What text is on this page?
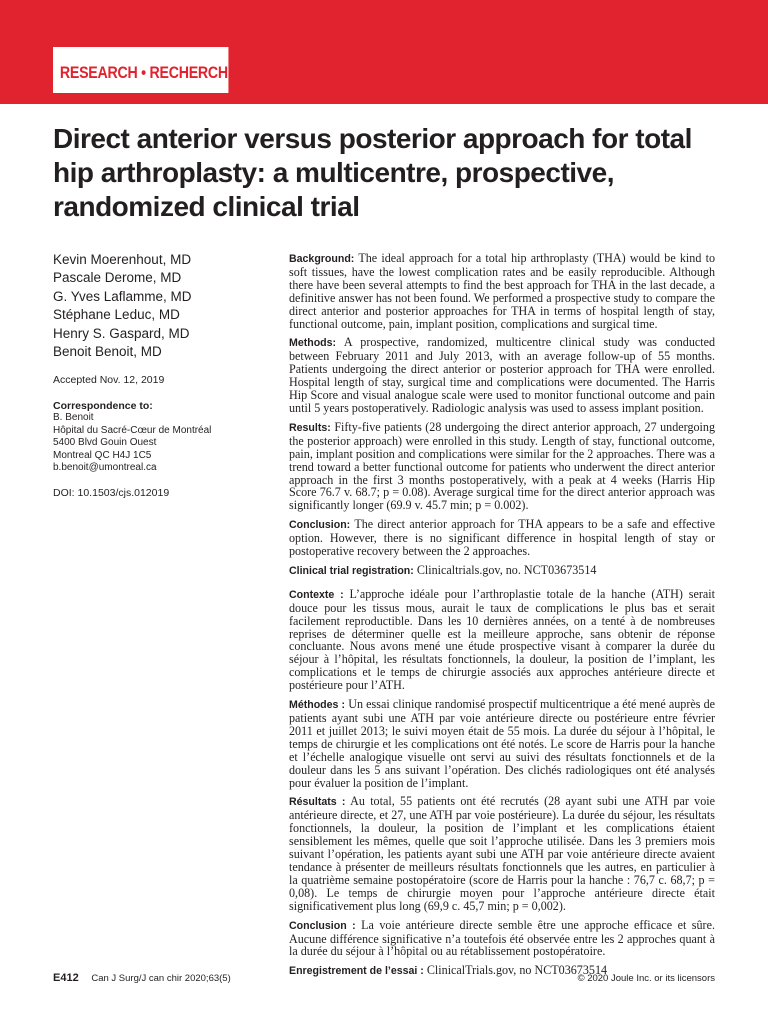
RESEARCH • RECHERCHE
Direct anterior versus posterior approach for total hip arthroplasty: a multicentre, prospective, randomized clinical trial
Kevin Moerenhout, MD
Pascale Derome, MD
G. Yves Laflamme, MD
Stéphane Leduc, MD
Henry S. Gaspard, MD
Benoit Benoit, MD
Accepted Nov. 12, 2019
Correspondence to:
B. Benoit
Hôpital du Sacré-Cœur de Montréal
5400 Blvd Gouin Ouest
Montreal QC H4J 1C5
b.benoit@umontreal.ca
DOI: 10.1503/cjs.012019

Background: The ideal approach for a total hip arthroplasty (THA) would be kind to soft tissues, have the lowest complication rates and be easily reproducible. Although there have been several attempts to find the best approach for THA in the last decade, a definitive answer has not been found. We performed a prospective study to compare the direct anterior and posterior approaches for THA in terms of hospital length of stay, functional outcome, pain, implant position, complications and surgical time.

Methods: A prospective, randomized, multicentre clinical study was conducted between February 2011 and July 2013, with an average follow-up of 55 months. Patients undergoing the direct anterior or posterior approach for THA were enrolled. Hospital length of stay, surgical time and complications were documented. The Harris Hip Score and visual analogue scale were used to monitor functional outcome and pain until 5 years postoperatively. Radiologic analysis was used to assess implant position.

Results: Fifty-five patients (28 undergoing the direct anterior approach, 27 undergoing the posterior approach) were enrolled in this study. Length of stay, functional outcome, pain, implant position and complications were similar for the 2 approaches. There was a trend toward a better functional outcome for patients who underwent the direct anterior approach in the first 3 months postoperatively, with a peak at 4 weeks (Harris Hip Score 76.7 v. 68.7; p = 0.08). Average surgical time for the direct anterior approach was significantly longer (69.9 v. 45.7 min; p = 0.002).

Conclusion: The direct anterior approach for THA appears to be a safe and effective option. However, there is no significant difference in hospital length of stay or postoperative recovery between the 2 approaches.

Clinical trial registration: Clinicaltrials.gov, no. NCT03673514

Contexte : L’approche idéale pour l’arthroplastie totale de la hanche (ATH) serait douce pour les tissus mous, aurait le taux de complications le plus bas et serait facilement reproductible. Dans les 10 dernières années, on a tenté à de nombreuses reprises de déterminer quelle est la meilleure approche, sans obtenir de réponse concluante. Nous avons mené une étude prospective visant à comparer la durée du séjour à l’hôpital, les résultats fonctionnels, la douleur, la position de l’implant, les complications et le temps de chirurgie associés aux approches antérieure directe et postérieure pour l’ATH.

Méthodes : Un essai clinique randomisé prospectif multicentrique a été mené auprès de patients ayant subi une ATH par voie antérieure directe ou postérieure entre février 2011 et juillet 2013; le suivi moyen était de 55 mois. La durée du séjour à l’hôpital, le temps de chirurgie et les complications ont été notés. Le score de Harris pour la hanche et l’échelle analogique visuelle ont servi au suivi des résultats fonctionnels et de la douleur dans les 5 ans suivant l’opération. Des clichés radiologiques ont été analysés pour évaluer la position de l’implant.

Résultats : Au total, 55 patients ont été recrutés (28 ayant subi une ATH par voie antérieure directe, et 27, une ATH par voie postérieure). La durée du séjour, les résultats fonctionnels, la douleur, la position de l’implant et les complications étaient sensiblement les mêmes, quelle que soit l’approche utilisée. Dans les 3 premiers mois suivant l’opération, les patients ayant subi une ATH par voie antérieure directe avaient tendance à présenter de meilleurs résultats fonctionnels que les autres, en particulier à la quatrième semaine postopératoire (score de Harris pour la hanche : 76,7 c. 68,7; p = 0,08). Le temps de chirurgie moyen pour l’approche antérieure directe était significativement plus long (69,9 c. 45,7 min; p = 0,002).

Conclusion : La voie antérieure directe semble être une approche efficace et sûre. Aucune différence significative n’a toutefois été observée entre les 2 approches quant à la durée du séjour à l’hôpital ou au rétablissement postopératoire.

Enregistrement de l’essai : ClinicalTrials.gov, no NCT03673514

E412 Can J Surg/J can chir 2020;63(5)	© 2020 Joule Inc. or its licensors
